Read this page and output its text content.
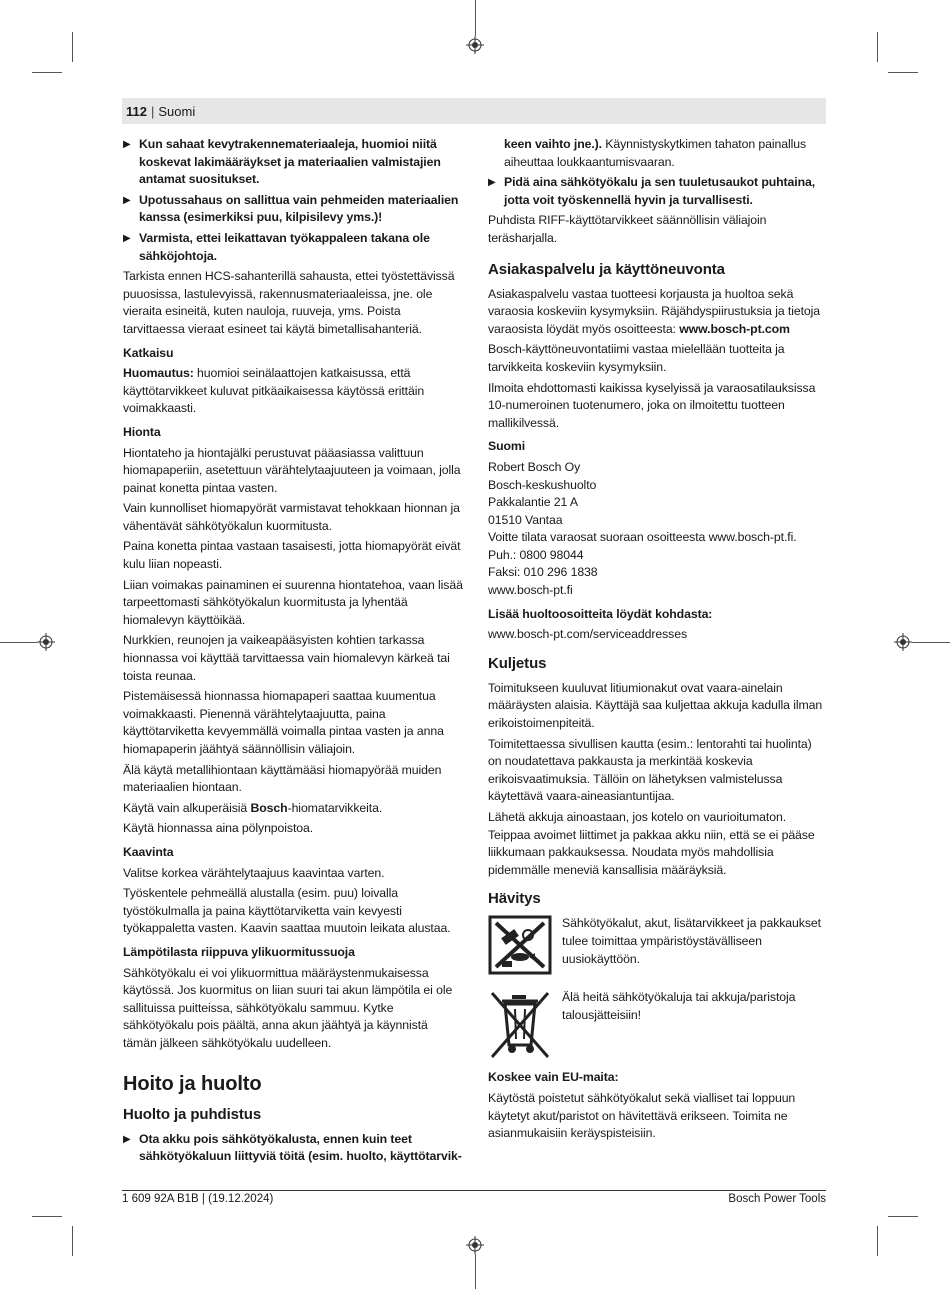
112 | Suomi
▶ Kun sahaat kevytrakennemateriaaleja, huomioi niitä koskevat lakimääräykset ja materiaalien valmistajien antamat suositukset.
▶ Upotussahaus on sallittua vain pehmeiden materiaalien kanssa (esimerkiksi puu, kilpisilevy yms.)!
▶ Varmista, ettei leikattavan työkappaleen takana ole sähköjohtoja.
Tarkista ennen HCS-sahanterillä sahausta, ettei työstettävissä puuosissa, lastulevyissä, rakennusmateriaaleissa, jne. ole vieraita esineitä, kuten nauloja, ruuveja, yms. Poista tarvittaessa vieraat esineet tai käytä bimetallisahanteriä.
Katkaisu
Huomautus: huomioi seinälaattojen katkaisussa, että käyttötarvikkeet kuluvat pitkäaikaisessa käytössä erittäin voimakkaasti.
Hionta
Hiontateho ja hiontajälki perustuvat pääasiassa valittuun hiomapaperiin, asetettuun värähtelytaajuuteen ja voimaan, jolla painat konetta pintaa vasten.
Vain kunnolliset hiomapyörät varmistavat tehokkaan hionnan ja vähentävät sähkötyökalun kuormitusta.
Paina konetta pintaa vastaan tasaisesti, jotta hiomapyörät eivät kulu liian nopeasti.
Liian voimakas painaminen ei suurenna hiontatehoa, vaan lisää tarpeettomasti sähkötyökalun kuormitusta ja lyhentää hiomalevyn käyttöikää.
Nurkkien, reunojen ja vaikeapääsyisten kohtien tarkassa hionnassa voi käyttää tarvittaessa vain hiomalevyn kärkeä tai toista reunaa.
Pistemäisessä hionnassa hiomapaperi saattaa kuumentua voimakkaasti. Pienennä värähtelytaajuutta, paina käyttötarviketta kevyemmällä voimalla pintaa vasten ja anna hiomapaperin jäähtyä säännöllisin väliajoin.
Älä käytä metallihiontaan käyttämääsi hiomapyörää muiden materiaalien hiontaan.
Käytä vain alkuperäisiä Bosch-hiomatarvikkeita.
Käytä hionnassa aina pölynpoistoa.
Kaavinta
Valitse korkea värähtelytaajuus kaavintaa varten.
Työskentele pehmeällä alustalla (esim. puu) loivalla työstökulmalla ja paina käyttötarviketta vain kevyesti työkappaletta vasten. Kaavin saattaa muutoin leikata alustaa.
Lämpötilasta riippuva ylikuormitussuoja
Sähkötyökalu ei voi ylikuormittua määräystenmukaisessa käytössä. Jos kuormitus on liian suuri tai akun lämpötila ei ole sallituissa puitteissa, sähkötyökalu sammuu. Kytke sähkötyökalu pois päältä, anna akun jäähtyä ja käynnistä tämän jälkeen sähkötyökalu uudelleen.
Hoito ja huolto
Huolto ja puhdistus
▶ Ota akku pois sähkötyökalusta, ennen kuin teet sähkötyökaluun liittyviä töitä (esim. huolto, käyttötarvik-
keen vaihto jne.). Käynnistyskytkimen tahaton painallus aiheuttaa loukkaantumisvaaran.
▶ Pidä aina sähkötyökalu ja sen tuuletusaukot puhtaina, jotta voit työskennellä hyvin ja turvallisesti.
Puhdista RIFF-käyttötarvikkeet säännöllisin väliajoin teräsharjalla.
Asiakaspalvelu ja käyttöneuvonta
Asiakaspalvelu vastaa tuotteesi korjausta ja huoltoa sekä varaosia koskeviin kysymyksiin. Räjähdyspiirustuksia ja tietoja varaosista löydät myös osoitteesta: www.bosch-pt.com
Bosch-käyttöneuvontatiimi vastaa mielellään tuotteita ja tarvikkeita koskeviin kysymyksiin.
Ilmoita ehdottomasti kaikissa kyselyissä ja varaosatilauksissa 10-numeroinen tuotenumero, joka on ilmoitettu tuotteen mallikilvessä.
Suomi
Robert Bosch Oy
Bosch-keskushuolto
Pakkalantie 21 A
01510 Vantaa
Voitte tilata varaosat suoraan osoitteesta www.bosch-pt.fi.
Puh.: 0800 98044
Faksi: 010 296 1838
www.bosch-pt.fi
Lisää huoltoosoitteita löydät kohdasta:
www.bosch-pt.com/serviceaddresses
Kuljetus
Toimitukseen kuuluvat litiumionakut ovat vaara-ainelain määräysten alaisia. Käyttäjä saa kuljettaa akkuja kadulla ilman erikoistoimenpiteitä.
Toimitettaessa sivullisen kautta (esim.: lentorahti tai huolinta) on noudatettava pakkausta ja merkintää koskevia erikoisvaatimuksia. Tällöin on lähetyksen valmistelussa käytettävä vaara-aineasiantuntijaa.
Lähetä akkuja ainoastaan, jos kotelo on vaurioitumaton. Teippaa avoimet liittimet ja pakkaa akku niin, että se ei pääse liikkumaan pakkauksessa. Noudata myös mahdollisia pidemmälle meneviä kansallisia määräyksiä.
Hävitys
Sähkötyökalut, akut, lisätarvikkeet ja pakkaukset tulee toimittaa ympäristöystävälliseen uusiokäyttöön.
Älä heitä sähkötyökaluja tai akkuja/paristoja talousjätteisiin!
Koskee vain EU-maita:
Käytöstä poistetut sähkötyökalut sekä vialliset tai loppuun käytetyt akut/paristot on hävitettävä erikseen. Toimita ne asianmukaisiin keräyspisteisiin.
1 609 92A B1B | (19.12.2024)	Bosch Power Tools
